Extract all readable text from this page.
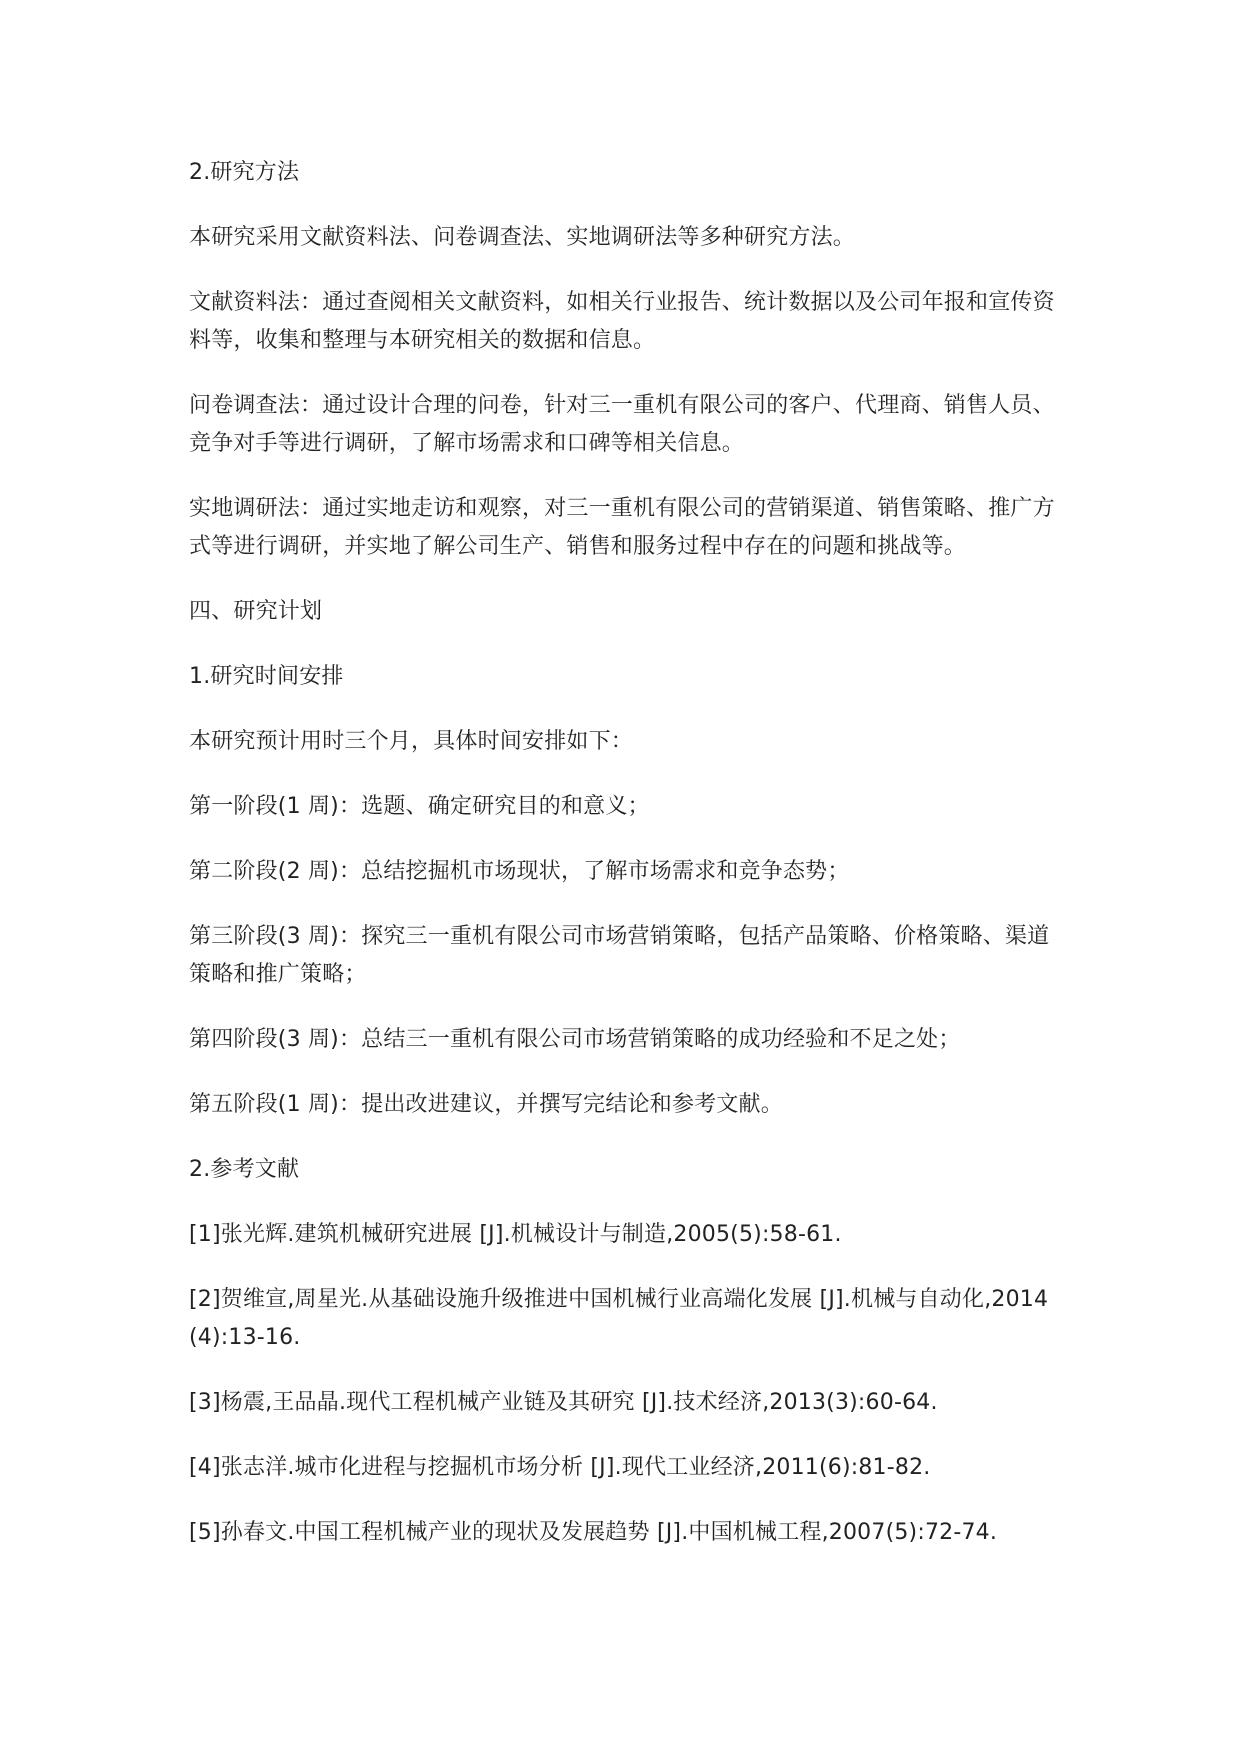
2.研究方法

本研究采用文献资料法、问卷调查法、实地调研法等多种研究方法。

文献资料法：通过查阅相关文献资料，如相关行业报告、统计数据以及公司年报和宣传资料等，收集和整理与本研究相关的数据和信息。

问卷调查法：通过设计合理的问卷，针对三一重机有限公司的客户、代理商、销售人员、竞争对手等进行调研，了解市场需求和口碑等相关信息。

实地调研法：通过实地走访和观察，对三一重机有限公司的营销渠道、销售策略、推广方式等进行调研，并实地了解公司生产、销售和服务过程中存在的问题和挑战等。

四、研究计划

1.研究时间安排

本研究预计用时三个月，具体时间安排如下：

第一阶段(1 周)：选题、确定研究目的和意义；

第二阶段(2 周)：总结挖掘机市场现状，了解市场需求和竞争态势；

第三阶段(3 周)：探究三一重机有限公司市场营销策略，包括产品策略、价格策略、渠道策略和推广策略；

第四阶段(3 周)：总结三一重机有限公司市场营销策略的成功经验和不足之处；

第五阶段(1 周)：提出改进建议，并撰写完结论和参考文献。

2.参考文献

[1]张光辉.建筑机械研究进展 [J].机械设计与制造,2005(5):58-61.

[2]贺维宣,周星光.从基础设施升级推进中国机械行业高端化发展 [J].机械与自动化,2014(4):13-16.

[3]杨震,王品晶.现代工程机械产业链及其研究 [J].技术经济,2013(3):60-64.

[4]张志洋.城市化进程与挖掘机市场分析 [J].现代工业经济,2011(6):81-82.

[5]孙春文.中国工程机械产业的现状及发展趋势 [J].中国机械工程,2007(5):72-74.
